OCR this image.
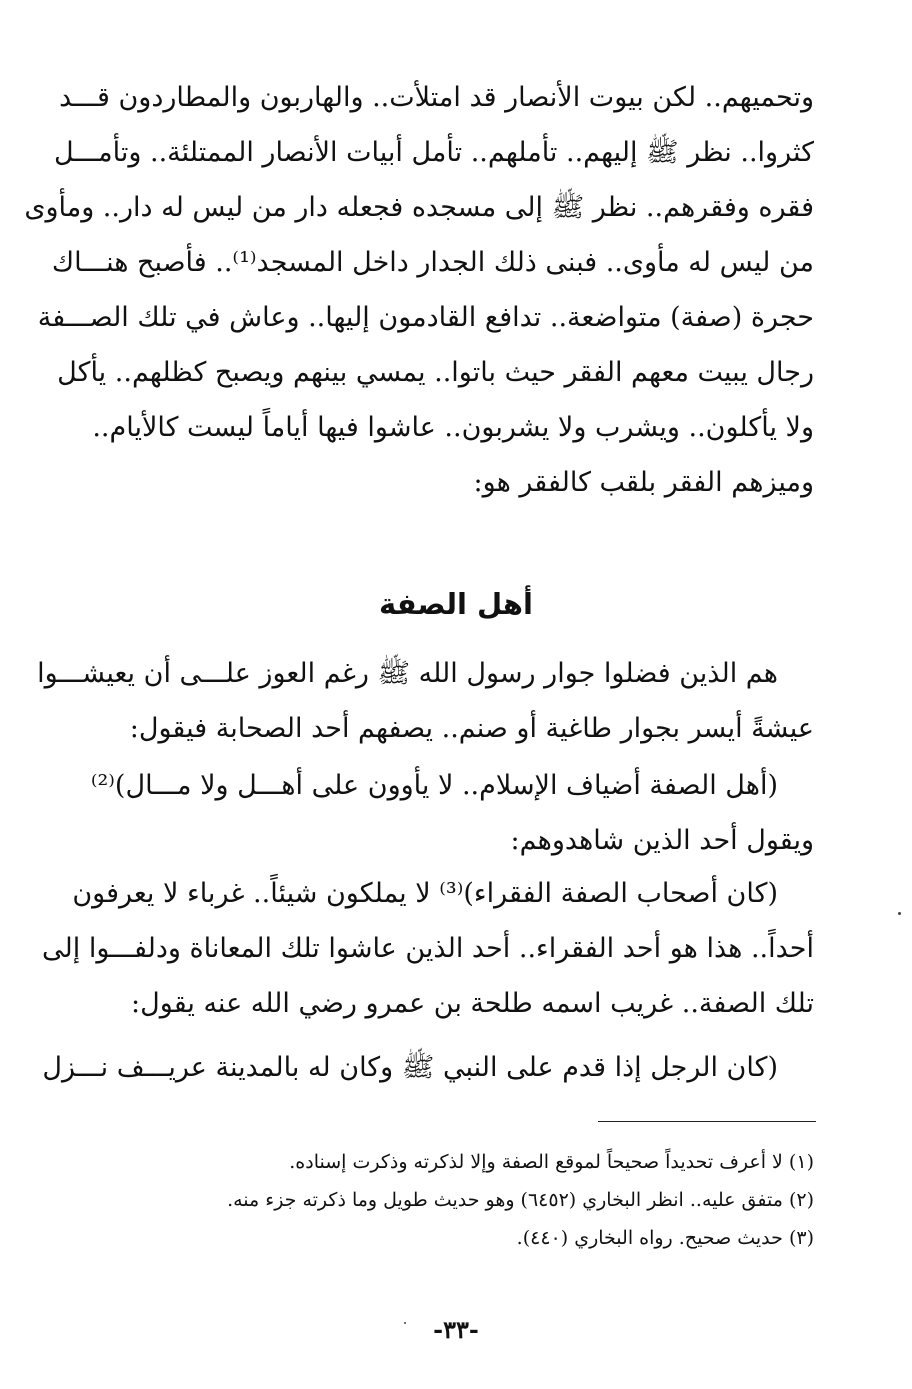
وتحميهم.. لكن بيوت الأنصار قد امتلأت.. والهاربون والمطاردون قـــد
كثروا.. نظر ﷺ إليهم.. تأملهم.. تأمل أبيات الأنصار الممتلئة.. وتأمـــل
فقره وفقرهم.. نظر ﷺ إلى مسجده فجعله دار من ليس له دار.. ومأوى
من ليس له مأوى.. فبنى ذلك الجدار داخل المسجد⁽¹⁾.. فأصبح هنـــاك
حجرة (صفة) متواضعة.. تدافع القادمون إليها.. وعاش في تلك الصـــفة
رجال يبيت معهم الفقر حيث باتوا.. يمسي بينهم ويصبح كظلهم.. يأكل
ولا يأكلون.. ويشرب ولا يشربون.. عاشوا فيها أياماً ليست كالأيام..
وميزهم الفقر بلقب كالفقر هو:
أهل الصفة
هم الذين فضلوا جوار رسول الله ﷺ رغم العوز علـــى أن يعيشـــوا
عيشةً أيسر بجوار طاغية أو صنم.. يصفهم أحد الصحابة فيقول:
(أهل الصفة أضياف الإسلام.. لا يأوون على أهـــل ولا مـــال)⁽²⁾
ويقول أحد الذين شاهدوهم:
(كان أصحاب الصفة الفقراء)⁽³⁾ لا يملكون شيئاً.. غرباء لا يعرفون
أحداً.. هذا هو أحد الفقراء.. أحد الذين عاشوا تلك المعاناة ودلفـــوا إلى
تلك الصفة.. غريب اسمه طلحة بن عمرو رضي الله عنه يقول:
(كان الرجل إذا قدم على النبي ﷺ وكان له بالمدينة عريـــف نـــزل
(١) لا أعرف تحديداً صحيحاً لموقع الصفة وإلا لذكرته وذكرت إسناده.
(٢) متفق عليه.. انظر البخاري (٦٤٥٢) وهو حديث طويل وما ذكرته جزء منه.
(٣) حديث صحيح. رواه البخاري (٤٤٠).
-٣٣-
